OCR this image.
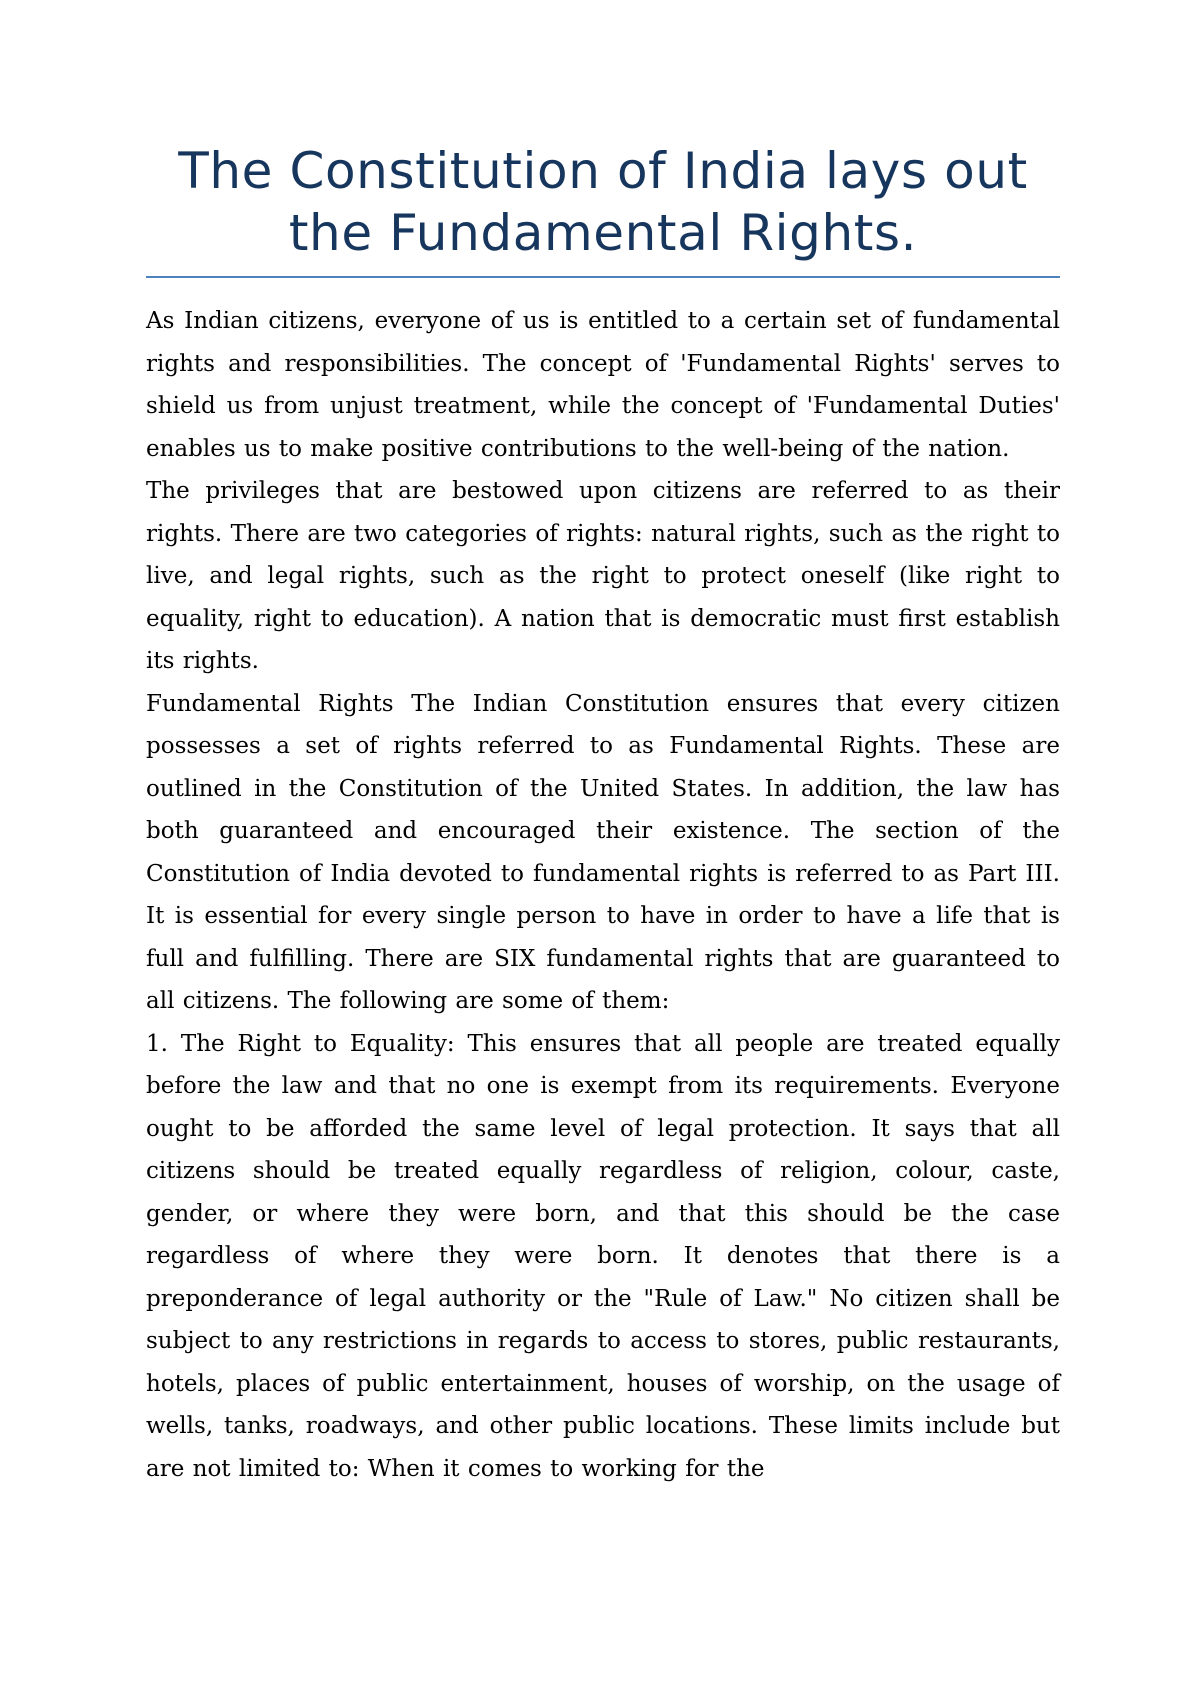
The Constitution of India lays out the Fundamental Rights.

As Indian citizens, everyone of us is entitled to a certain set of fundamental rights and responsibilities. The concept of 'Fundamental Rights' serves to shield us from unjust treatment, while the concept of 'Fundamental Duties' enables us to make positive contributions to the well-being of the nation.

The privileges that are bestowed upon citizens are referred to as their rights. There are two categories of rights: natural rights, such as the right to live, and legal rights, such as the right to protect oneself (like right to equality, right to education). A nation that is democratic must first establish its rights.

Fundamental Rights The Indian Constitution ensures that every citizen possesses a set of rights referred to as Fundamental Rights. These are outlined in the Constitution of the United States. In addition, the law has both guaranteed and encouraged their existence. The section of the Constitution of India devoted to fundamental rights is referred to as Part III. It is essential for every single person to have in order to have a life that is full and fulfilling. There are SIX fundamental rights that are guaranteed to all citizens. The following are some of them:

1. The Right to Equality: This ensures that all people are treated equally before the law and that no one is exempt from its requirements. Everyone ought to be afforded the same level of legal protection. It says that all citizens should be treated equally regardless of religion, colour, caste, gender, or where they were born, and that this should be the case regardless of where they were born. It denotes that there is a preponderance of legal authority or the "Rule of Law." No citizen shall be subject to any restrictions in regards to access to stores, public restaurants, hotels, places of public entertainment, houses of worship, on the usage of wells, tanks, roadways, and other public locations. These limits include but are not limited to: When it comes to working for the
